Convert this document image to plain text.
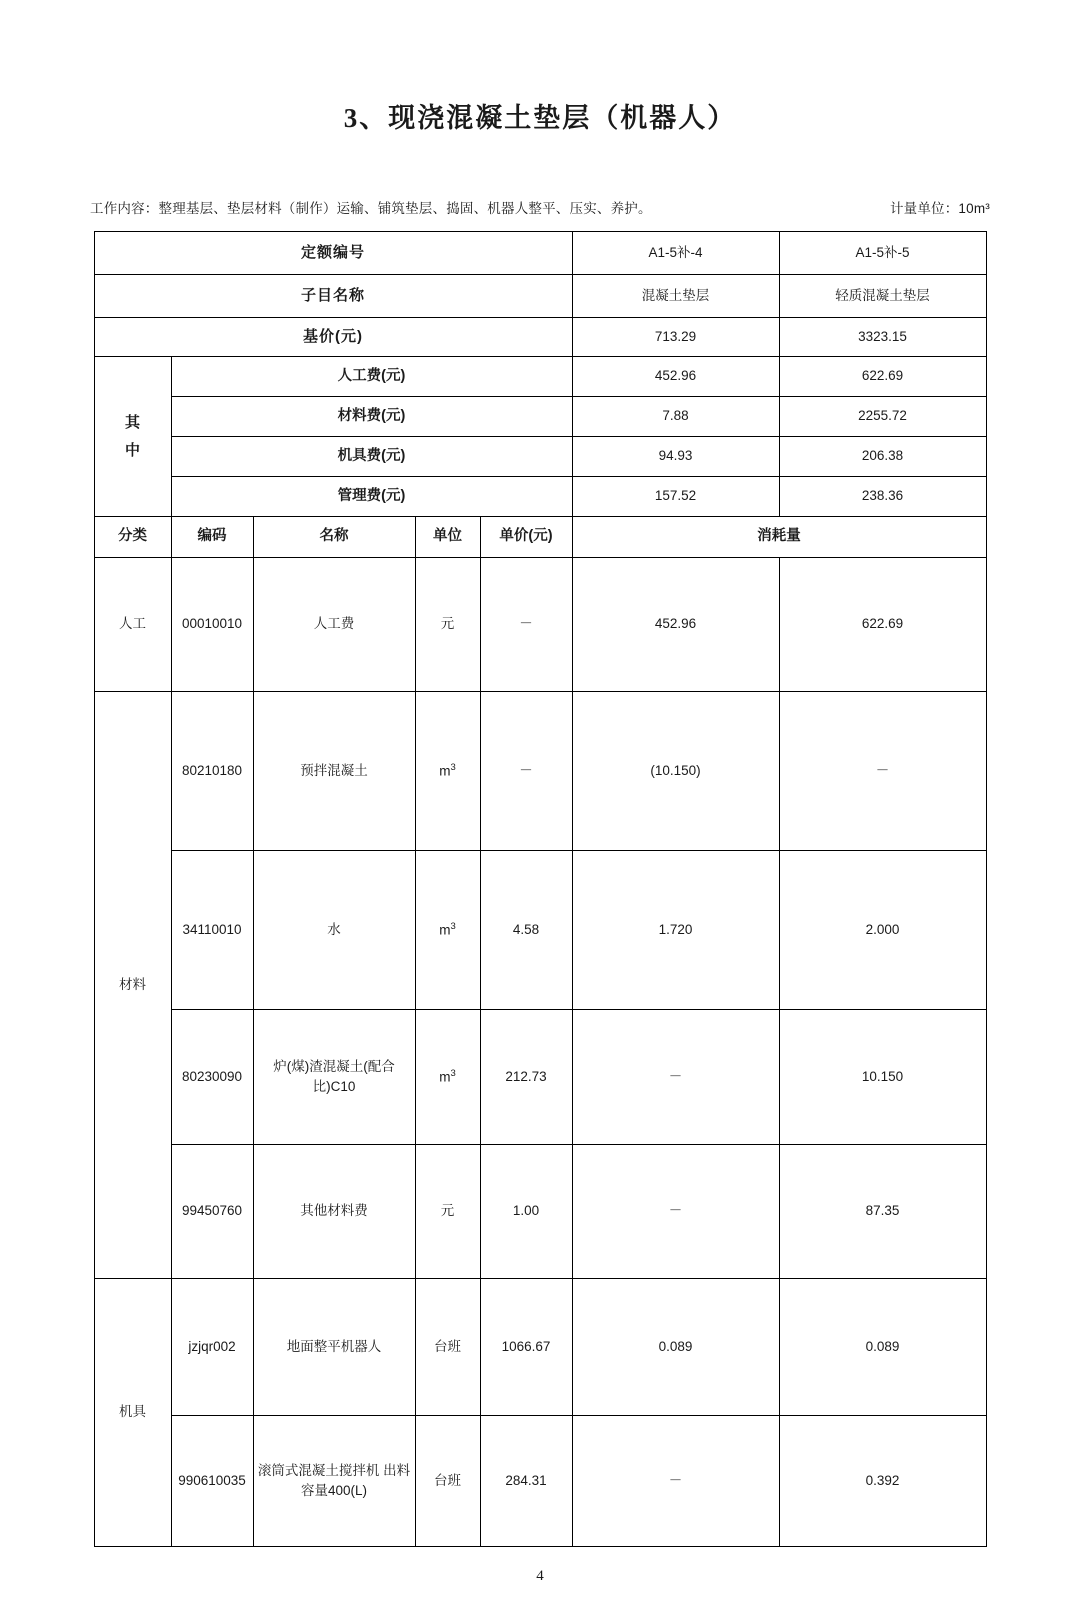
3、现浇混凝土垫层（机器人）
工作内容：整理基层、垫层材料（制作）运输、铺筑垫层、捣固、机器人整平、压实、养护。	计量单位：10m³
定额编号					A1-5补-4	A1-5补-5
子目名称					混凝土垫层	轻质混凝土垫层
基价(元)					713.29	3323.15

其
中	人工费(元)				452.96	622.69
	材料费(元)				7.88	2255.72
	机具费(元)				94.93	206.38
	管理费(元)				157.52	238.36
分类	编码	名称	单位	单价(元)	消耗量	
人工	00010010	人工费	元	－	452.96	622.69
材料	80210180	预拌混凝土	$m^3$	－	(10.150)	－
	34110010	水	$m^3$	4.58	1.720	2.000
	80230090	炉(煤)渣混凝土(配合比)C10	$m^3$	212.73	－	10.150
	99450760	其他材料费	元	1.00	－	87.35
机具	jzjqr002	地面整平机器人	台班	1066.67	0.089	0.089
	990610035	滚筒式混凝土搅拌机 出料容量400(L)	台班	284.31	－	0.392
4
